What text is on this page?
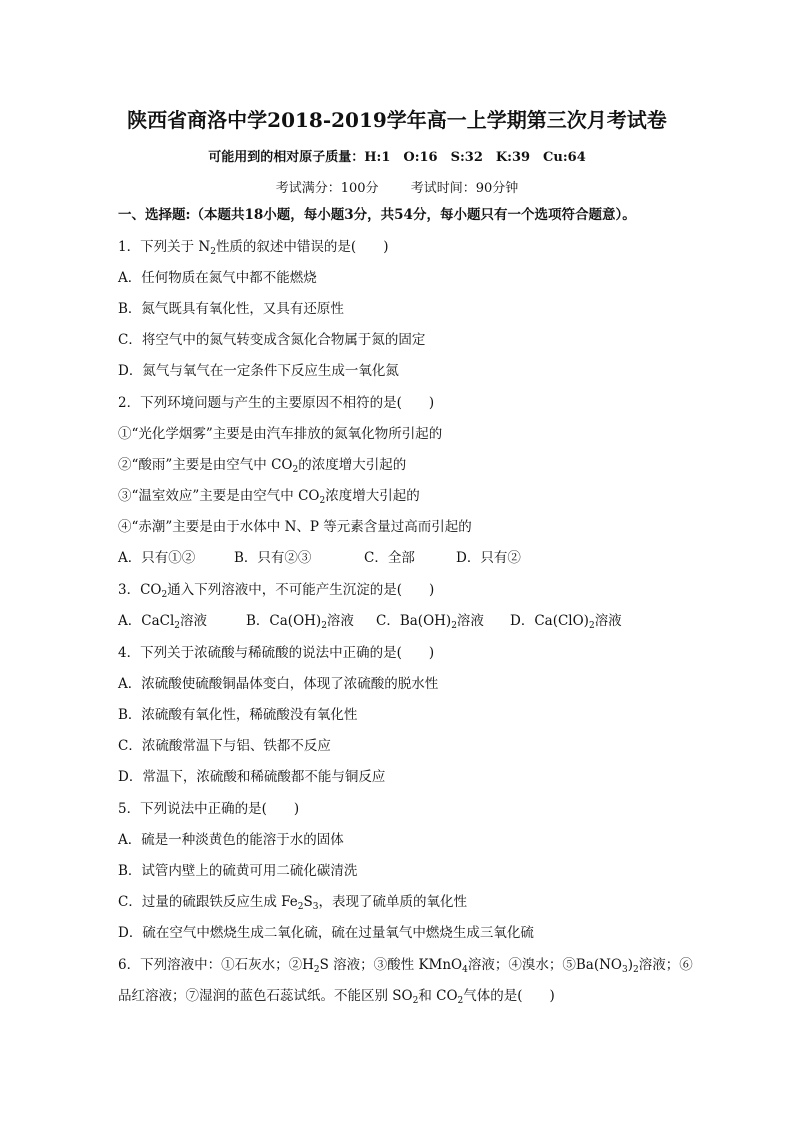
陕西省商洛中学2018-2019学年高一上学期第三次月考试卷
可能用到的相对原子质量：H:1　O:16　S:32　K:39　Cu:64
考试满分：100分 考试时间：90分钟
一、选择题:（本题共18小题，每小题3分，共54分，每小题只有一个选项符合题意）。
1．下列关于 $N_2$性质的叙述中错误的是(　　)
A．任何物质在氮气中都不能燃烧
B．氮气既具有氧化性，又具有还原性
C．将空气中的氮气转变成含氮化合物属于氮的固定
D．氮气与氧气在一定条件下反应生成一氧化氮
2．下列环境问题与产生的主要原因不相符的是(　　)
①“光化学烟雾”主要是由汽车排放的氮氧化物所引起的
②“酸雨”主要是由空气中 $CO_2$的浓度增大引起的
③“温室效应”主要是由空气中 $CO_2$浓度增大引起的
④“赤潮”主要是由于水体中 N、P 等元素含量过高而引起的
A．只有①②	B．只有②③	C．全部	D．只有②
3．$CO_2$通入下列溶液中，不可能产生沉淀的是(　　)
A．CaCl$_2$溶液	B．$Ca(OH)_2$溶液 C．$Ba(OH)_2$溶液 D．$Ca(ClO)_2$溶液
4．下列关于浓硫酸与稀硫酸的说法中正确的是(　　)
A．浓硫酸使硫酸铜晶体变白，体现了浓硫酸的脱水性
B．浓硫酸有氧化性，稀硫酸没有氧化性
C．浓硫酸常温下与铝、铁都不反应
D．常温下，浓硫酸和稀硫酸都不能与铜反应
5．下列说法中正确的是(　　)
A．硫是一种淡黄色的能溶于水的固体
B．试管内壁上的硫黄可用二硫化碳清洗
C．过量的硫跟铁反应生成 $Fe_2S_3$，表现了硫单质的氧化性
D．硫在空气中燃烧生成二氧化硫，硫在过量氧气中燃烧生成三氧化硫
6．下列溶液中：①石灰水；$②H_2S$ 溶液；③酸性 KMnO$_4$溶液；④溴水；$⑤Ba(NO_3)_2$溶液；⑥
品红溶液；⑦湿润的蓝色石蕊试纸。不能区别 $SO_2$和 $CO_2$气体的是(　　)
